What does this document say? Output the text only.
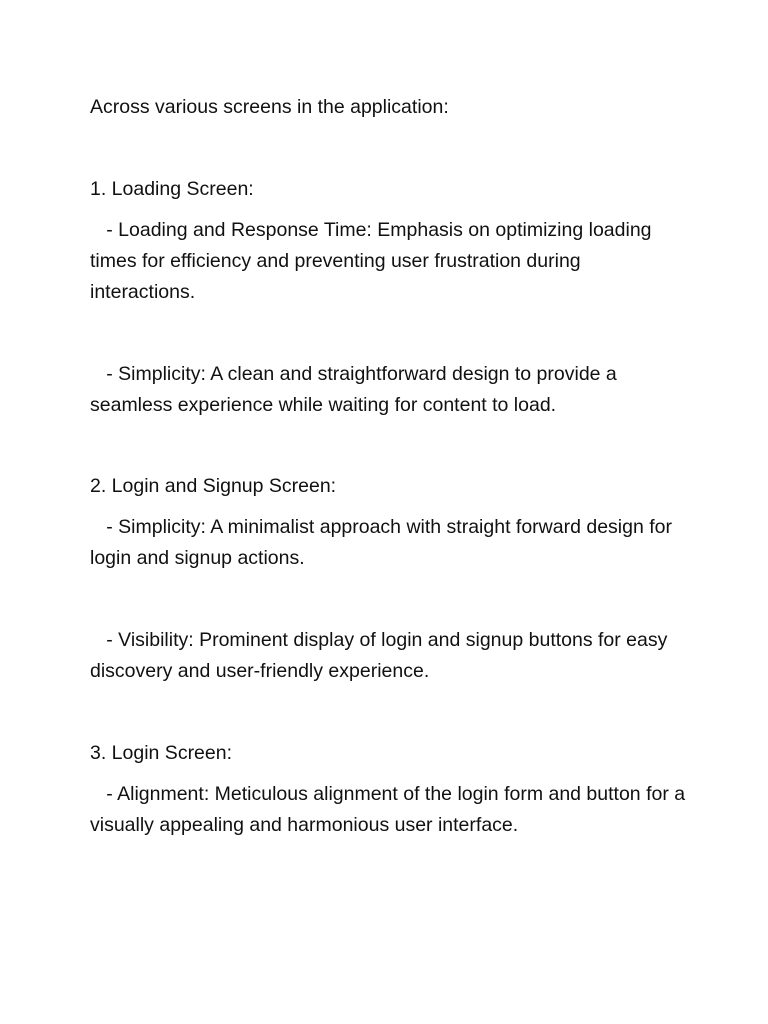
Across various screens in the application:
1. Loading Screen:
- Loading and Response Time: Emphasis on optimizing loading times for efficiency and preventing user frustration during interactions.
- Simplicity: A clean and straightforward design to provide a seamless experience while waiting for content to load.
2. Login and Signup Screen:
- Simplicity: A minimalist approach with straight forward design for login and signup actions.
- Visibility: Prominent display of login and signup buttons for easy discovery and user-friendly experience.
3. Login Screen:
- Alignment: Meticulous alignment of the login form and button for a visually appealing and harmonious user interface.
